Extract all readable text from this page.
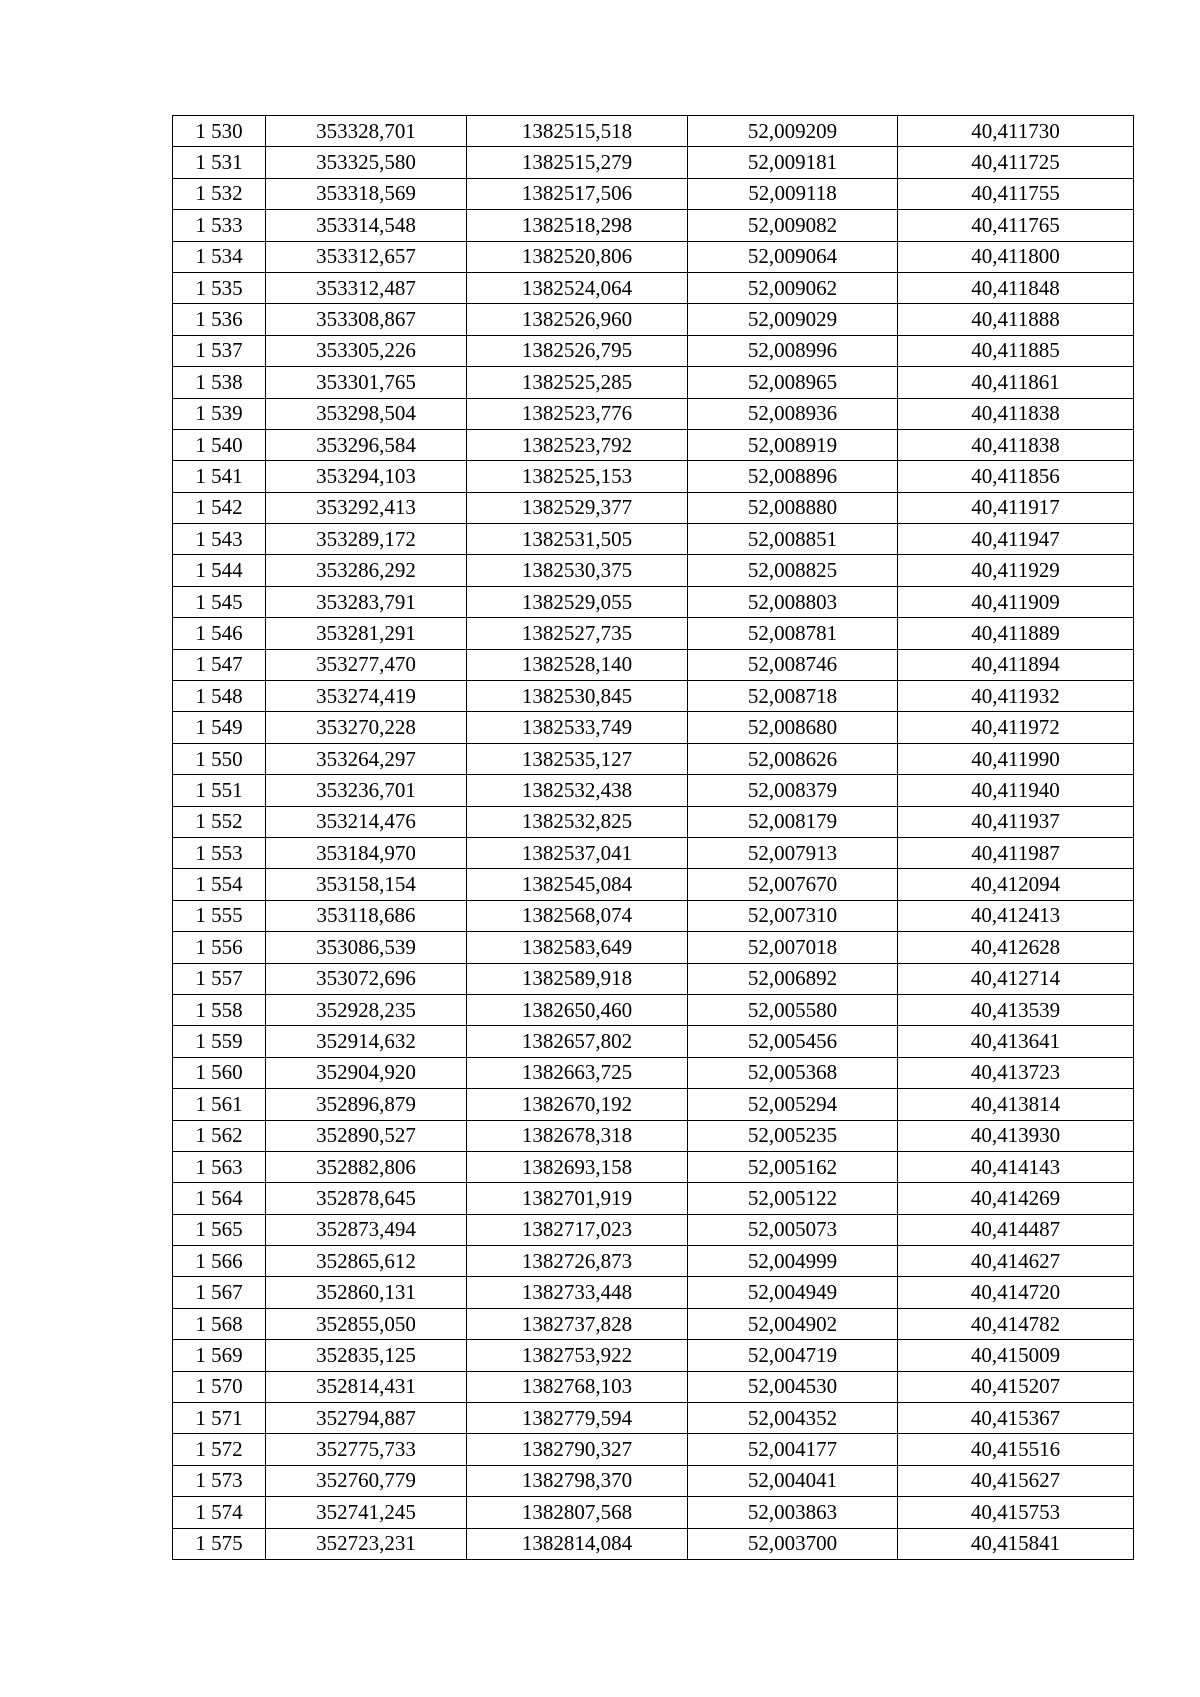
1 530	353328,701	1382515,518	52,009209	40,411730
1 531	353325,580	1382515,279	52,009181	40,411725
1 532	353318,569	1382517,506	52,009118	40,411755
1 533	353314,548	1382518,298	52,009082	40,411765
1 534	353312,657	1382520,806	52,009064	40,411800
1 535	353312,487	1382524,064	52,009062	40,411848
1 536	353308,867	1382526,960	52,009029	40,411888
1 537	353305,226	1382526,795	52,008996	40,411885
1 538	353301,765	1382525,285	52,008965	40,411861
1 539	353298,504	1382523,776	52,008936	40,411838
1 540	353296,584	1382523,792	52,008919	40,411838
1 541	353294,103	1382525,153	52,008896	40,411856
1 542	353292,413	1382529,377	52,008880	40,411917
1 543	353289,172	1382531,505	52,008851	40,411947
1 544	353286,292	1382530,375	52,008825	40,411929
1 545	353283,791	1382529,055	52,008803	40,411909
1 546	353281,291	1382527,735	52,008781	40,411889
1 547	353277,470	1382528,140	52,008746	40,411894
1 548	353274,419	1382530,845	52,008718	40,411932
1 549	353270,228	1382533,749	52,008680	40,411972
1 550	353264,297	1382535,127	52,008626	40,411990
1 551	353236,701	1382532,438	52,008379	40,411940
1 552	353214,476	1382532,825	52,008179	40,411937
1 553	353184,970	1382537,041	52,007913	40,411987
1 554	353158,154	1382545,084	52,007670	40,412094
1 555	353118,686	1382568,074	52,007310	40,412413
1 556	353086,539	1382583,649	52,007018	40,412628
1 557	353072,696	1382589,918	52,006892	40,412714
1 558	352928,235	1382650,460	52,005580	40,413539
1 559	352914,632	1382657,802	52,005456	40,413641
1 560	352904,920	1382663,725	52,005368	40,413723
1 561	352896,879	1382670,192	52,005294	40,413814
1 562	352890,527	1382678,318	52,005235	40,413930
1 563	352882,806	1382693,158	52,005162	40,414143
1 564	352878,645	1382701,919	52,005122	40,414269
1 565	352873,494	1382717,023	52,005073	40,414487
1 566	352865,612	1382726,873	52,004999	40,414627
1 567	352860,131	1382733,448	52,004949	40,414720
1 568	352855,050	1382737,828	52,004902	40,414782
1 569	352835,125	1382753,922	52,004719	40,415009
1 570	352814,431	1382768,103	52,004530	40,415207
1 571	352794,887	1382779,594	52,004352	40,415367
1 572	352775,733	1382790,327	52,004177	40,415516
1 573	352760,779	1382798,370	52,004041	40,415627
1 574	352741,245	1382807,568	52,003863	40,415753
1 575	352723,231	1382814,084	52,003700	40,415841
